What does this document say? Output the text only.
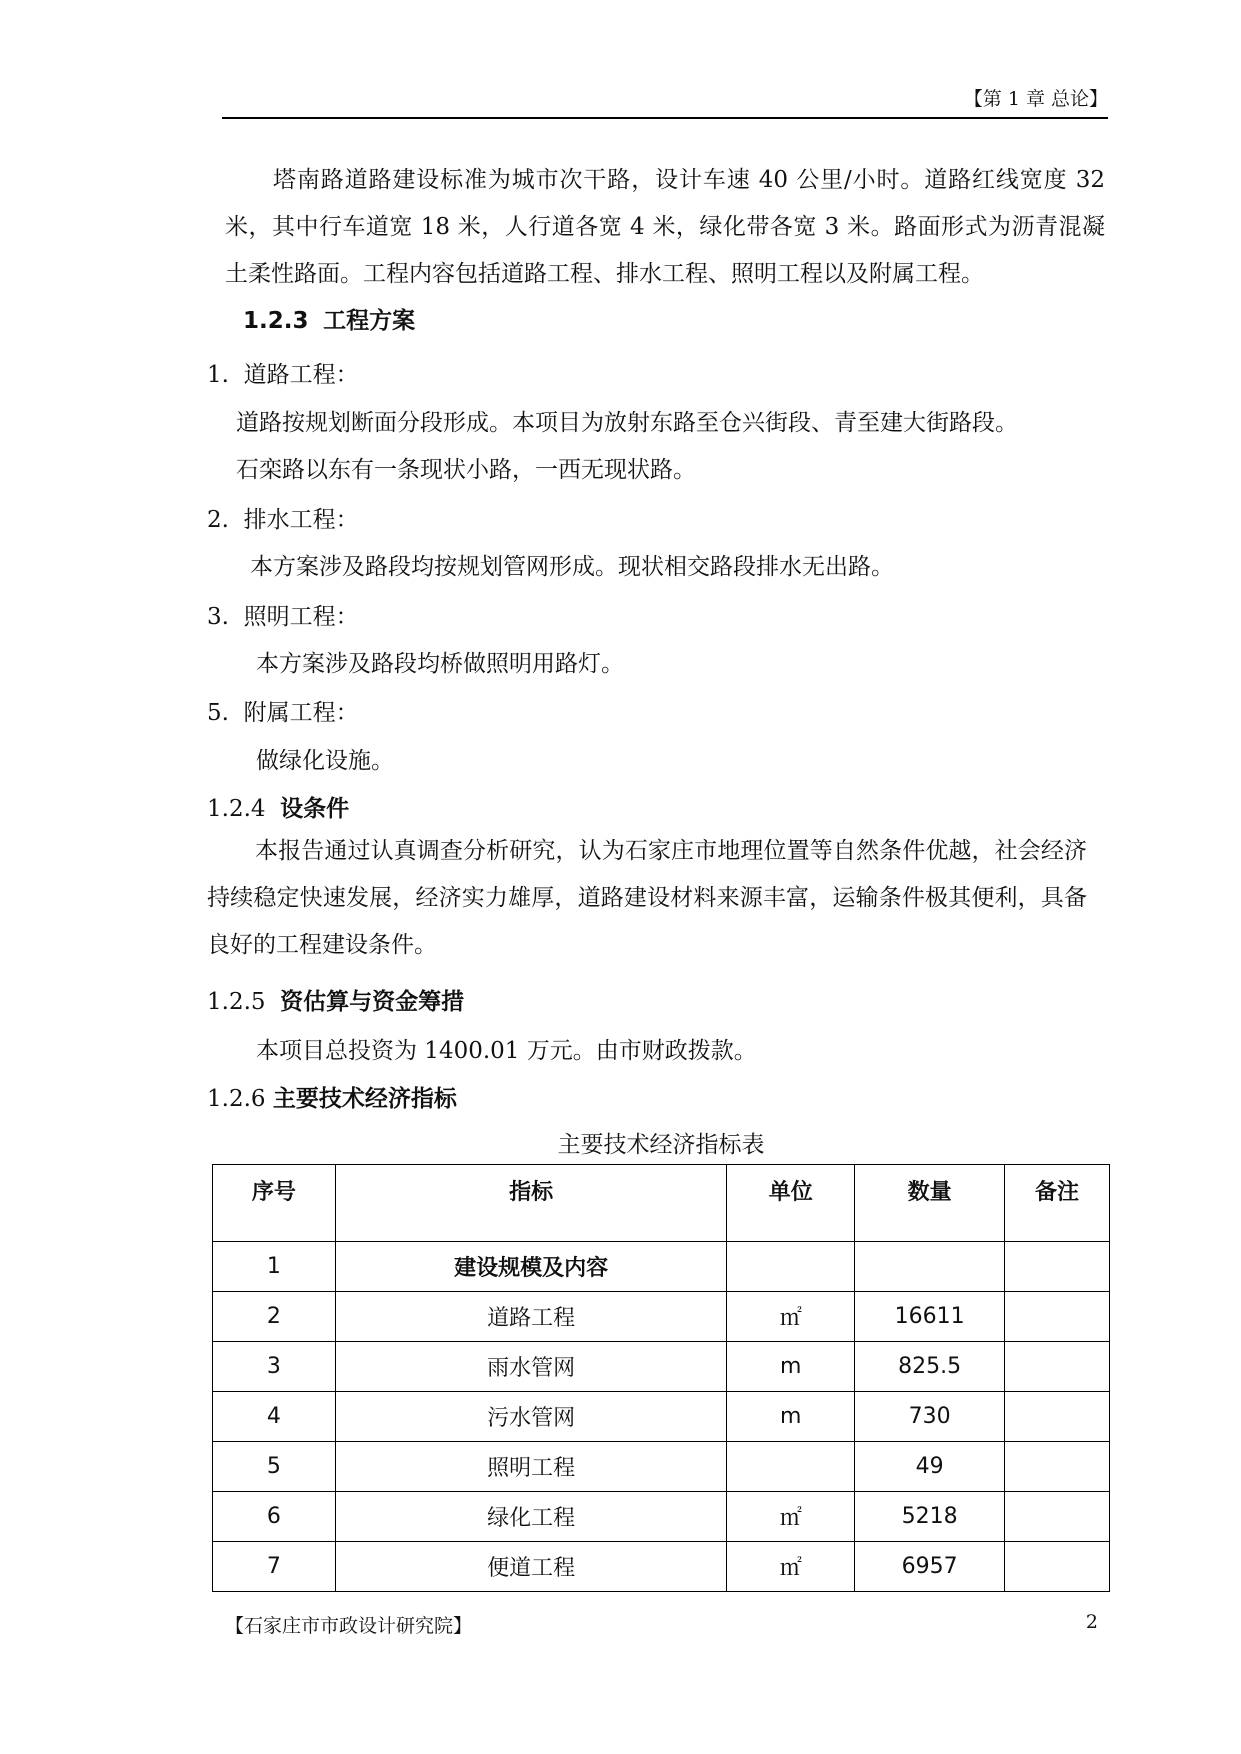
【第 1 章 总论】
塔南路道路建设标准为城市次干路，设计车速 40 公里/小时。道路红线宽度 32 米，其中行车道宽 18 米，人行道各宽 4 米，绿化带各宽 3 米。路面形式为沥青混凝土柔性路面。工程内容包括道路工程、排水工程、照明工程以及附属工程。
1.2.3 工程方案
1. 道路工程：
道路按规划断面分段形成。本项目为放射东路至仓兴街段、青至建大街路段。
石栾路以东有一条现状小路，一西无现状路。
2. 排水工程：
本方案涉及路段均按规划管网形成。现状相交路段排水无出路。
3. 照明工程：
本方案涉及路段均桥做照明用路灯。
5. 附属工程：
做绿化设施。
1.2.4 设条件
本报告通过认真调查分析研究，认为石家庄市地理位置等自然条件优越，社会经济持续稳定快速发展，经济实力雄厚，道路建设材料来源丰富，运输条件极其便利，具备良好的工程建设条件。
1.2.5 资估算与资金筹措
本项目总投资为 1400.01 万元。由市财政拨款。
1.2.6 主要技术经济指标
主要技术经济指标表
序号	指标	单位	数量	备注
1	建设规模及内容			
2	道路工程	㎡	16611	
3	雨水管网	m	825.5	
4	污水管网	m	730	
5	照明工程		49	
6	绿化工程	㎡	5218	
7	便道工程	㎡	6957	
【石家庄市市政设计研究院】	2
